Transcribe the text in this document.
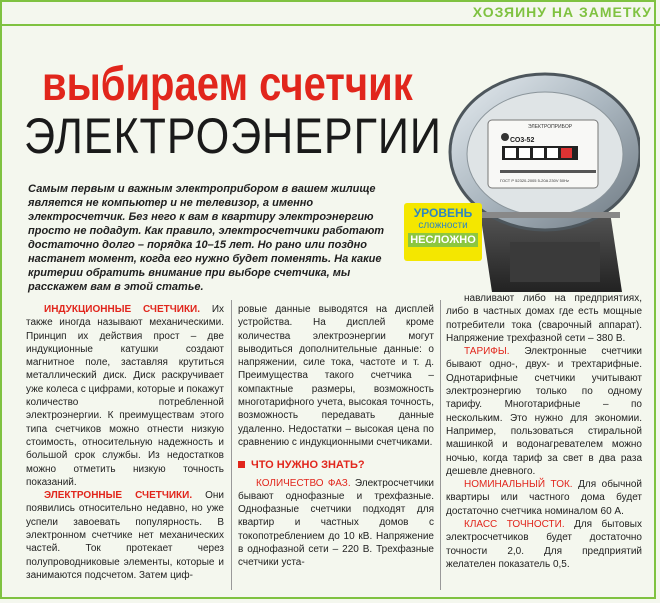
ХОЗЯИНУ НА ЗАМЕТКУ
выбираем счетчик
ЭЛЕКТРОЭНЕРГИИ	ЭЛЕКТРОПРИБОР
СО3-52
ГОСТ Р 52320-2005 5-20A 230V 50Hz
Самым первым и важным электроприбором в вашем жилище является не компьютер и не телевизор, а именно электросчетчик. Без него к вам в квартиру электроэнергию просто не подадут. Как правило, электросчетчики работают достаточно долго – порядка 10–15 лет. Но рано или поздно настанет момент, когда его нужно будет поменять. На какие критерии обратить внимание при выборе счетчика, мы расскажем вам в этой статье.
УРОВЕНЬ
сложности
НЕСЛОЖНО

ИНДУКЦИОННЫЕ СЧЕТЧИКИ. Их также иногда называют механическими. Принцип их действия прост – две индукционные катушки создают магнитное поле, заставляя крутиться металлический диск. Диск раскручивает уже колеса с цифрами, которые и покажут количество потребленной электроэнергии. К преимуществам этого типа счетчиков можно отнести низкую стоимость, относительную надежность и большой срок службы. Из недостатков можно отметить низкую точность показаний.

ЭЛЕКТРОННЫЕ СЧЕТЧИКИ. Они появились относительно недавно, но уже успели завоевать популярность. В электронном счетчике нет механических частей. Ток протекает через полупроводниковые элементы, которые и занимаются подсчетом. Затем циф-

ровые данные выводятся на дисплей устройства. На дисплей кроме количества электроэнергии могут выводиться дополнительные данные: о напряжении, силе тока, частоте и т. д. Преимущества такого счетчика – компактные размеры, возможность многотарифного учета, высокая точность, возможность передавать данные удаленно. Недостатки – высокая цена по сравнению с индукционными счетчиками.

ЧТО НУЖНО ЗНАТЬ?

КОЛИЧЕСТВО ФАЗ. Электросчетчики бывают однофазные и трехфазные. Однофазные счетчики подходят для квартир и частных домов с токопотреблением до 10 кВ. Напряжение в однофазной сети – 220 В. Трехфазные счетчики уста-

навливают либо на предприятиях, либо в частных домах где есть мощные потребители тока (сварочный аппарат). Напряжение трехфазной сети – 380 В.

ТАРИФЫ. Электронные счетчики бывают одно-, двух- и трехтарифные. Однотарифные счетчики учитывают электроэнергию только по одному тарифу. Многотарифные – по нескольким. Это нужно для экономии. Например, пользоваться стиральной машинкой и водонагревателем можно ночью, когда тариф за свет в два раза дешевле дневного.

НОМИНАЛЬНЫЙ ТОК. Для обычной квартиры или частного дома будет достаточно счетчика номиналом 60 А.

КЛАСС ТОЧНОСТИ. Для бытовых электросчетчиков будет достаточно точности 2,0. Для предприятий желателен показатель 0,5.
